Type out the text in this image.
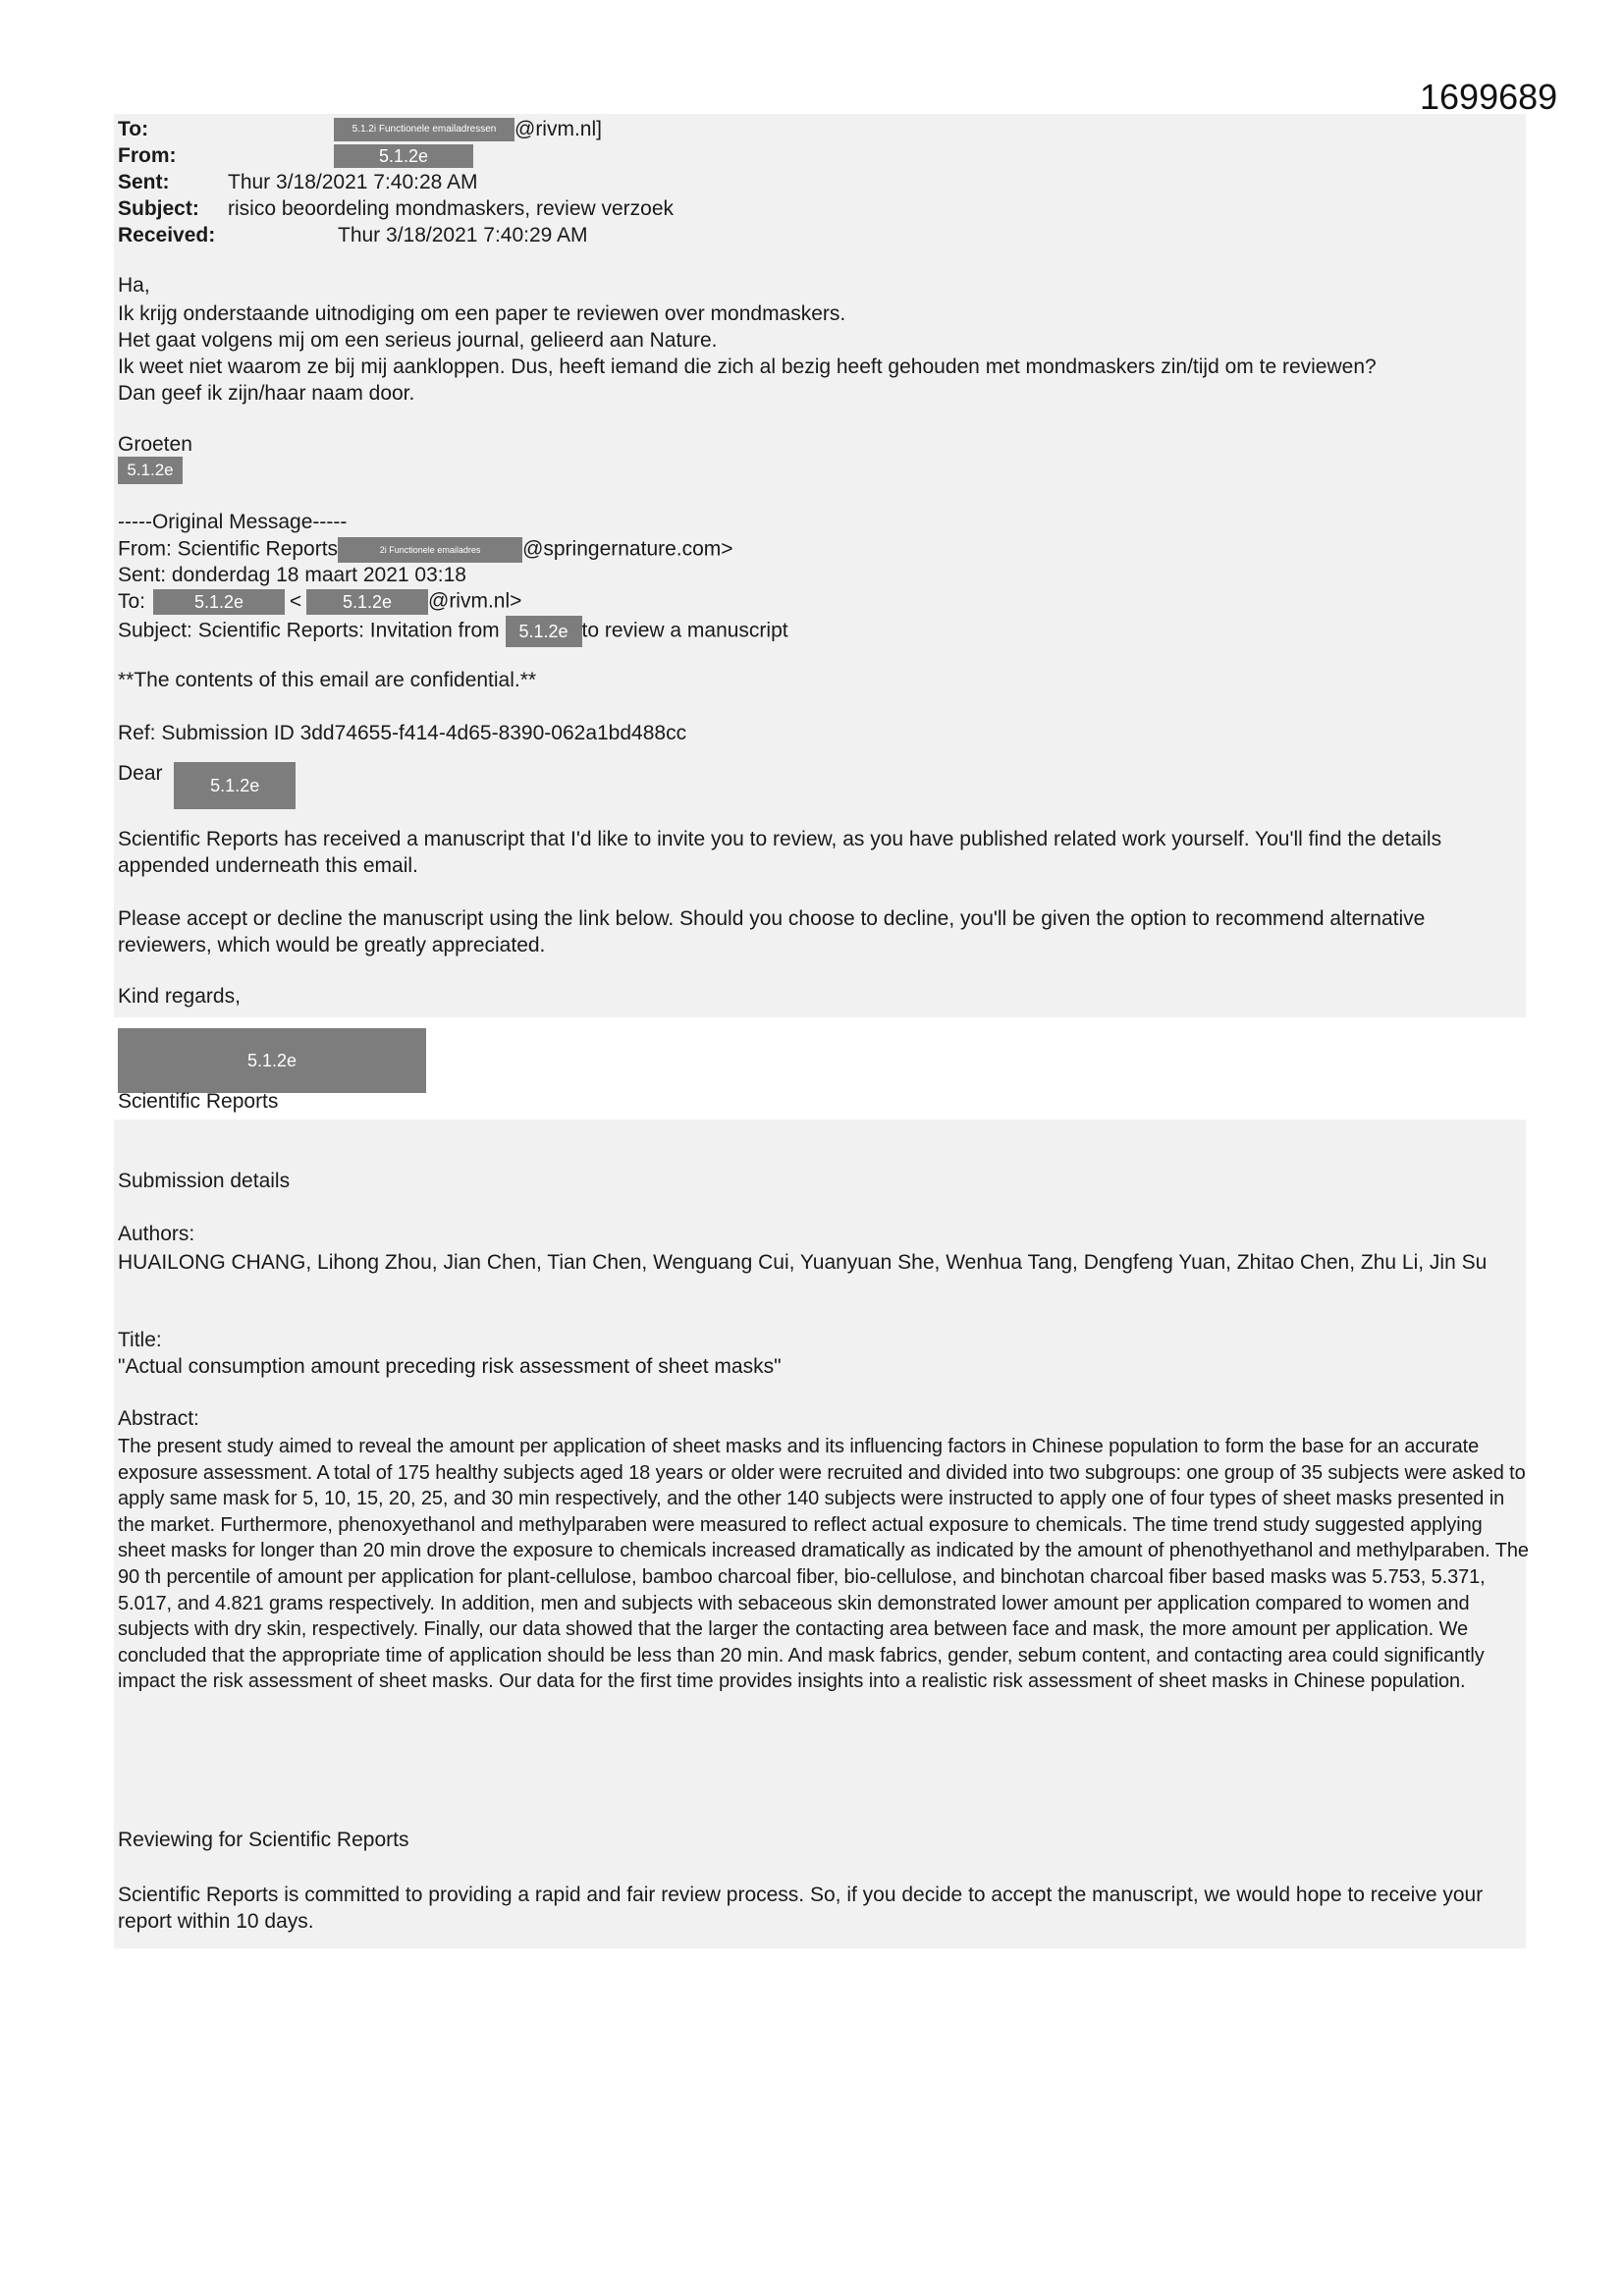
1699689
To:	5.1.2i Functionele emailadressen @rivm.nl]
From:	5.1.2e
Sent:	Thur 3/18/2021 7:40:28 AM
Subject: risico beoordeling mondmaskers, review verzoek
Received:	Thur 3/18/2021 7:40:29 AM
Ha,
Ik krijg onderstaande uitnodiging om een paper te reviewen over mondmaskers.
Het gaat volgens mij om een serieus journal, gelieerd aan Nature.
Ik weet niet waarom ze bij mij aankloppen. Dus, heeft iemand die zich al bezig heeft gehouden met mondmaskers zin/tijd om te reviewen?
Dan geef ik zijn/haar naam door.
Groeten
5.1.2e
-----Original Message-----
From: Scientific Reports	2i Functionele emailadres @springernature.com>
Sent: donderdag 18 maart 2021 03:18
To:	5.1.2e < 5.1.2e @rivm.nl>
Subject: Scientific Reports: Invitation from 5.1.2e to review a manuscript
**The contents of this email are confidential.**
Ref: Submission ID 3dd74655-f414-4d65-8390-062a1bd488cc
Dear  5.1.2e
Scientific Reports has received a manuscript that I'd like to invite you to review, as you have published related work yourself. You'll find the details appended underneath this email.
Please accept or decline the manuscript using the link below. Should you choose to decline, you'll be given the option to recommend alternative reviewers, which would be greatly appreciated.
Kind regards,
5.1.2e
Scientific Reports
Submission details
Authors:
HUAILONG CHANG, Lihong Zhou, Jian Chen, Tian Chen, Wenguang Cui, Yuanyuan She, Wenhua Tang, Dengfeng Yuan, Zhitao Chen, Zhu Li, Jin Su
Title:
"Actual consumption amount preceding risk assessment of sheet masks"
Abstract:
The present study aimed to reveal the amount per application of sheet masks and its influencing factors in Chinese population to form the base for an accurate exposure assessment. A total of 175 healthy subjects aged 18 years or older were recruited and divided into two subgroups: one group of 35 subjects were asked to apply same mask for 5, 10, 15, 20, 25, and 30 min respectively, and the other 140 subjects were instructed to apply one of four types of sheet masks presented in the market. Furthermore, phenoxyethanol and methylparaben were measured to reflect actual exposure to chemicals. The time trend study suggested applying sheet masks for longer than 20 min drove the exposure to chemicals increased dramatically as indicated by the amount of phenothyethanol and methylparaben. The 90 th percentile of amount per application for plant-cellulose, bamboo charcoal fiber, bio-cellulose, and binchotan charcoal fiber based masks was 5.753, 5.371, 5.017, and 4.821 grams respectively. In addition, men and subjects with sebaceous skin demonstrated lower amount per application compared to women and subjects with dry skin, respectively. Finally, our data showed that the larger the contacting area between face and mask, the more amount per application. We concluded that the appropriate time of application should be less than 20 min. And mask fabrics, gender, sebum content, and contacting area could significantly impact the risk assessment of sheet masks. Our data for the first time provides insights into a realistic risk assessment of sheet masks in Chinese population.
Reviewing for Scientific Reports
Scientific Reports is committed to providing a rapid and fair review process. So, if you decide to accept the manuscript, we would hope to receive your report within 10 days.
